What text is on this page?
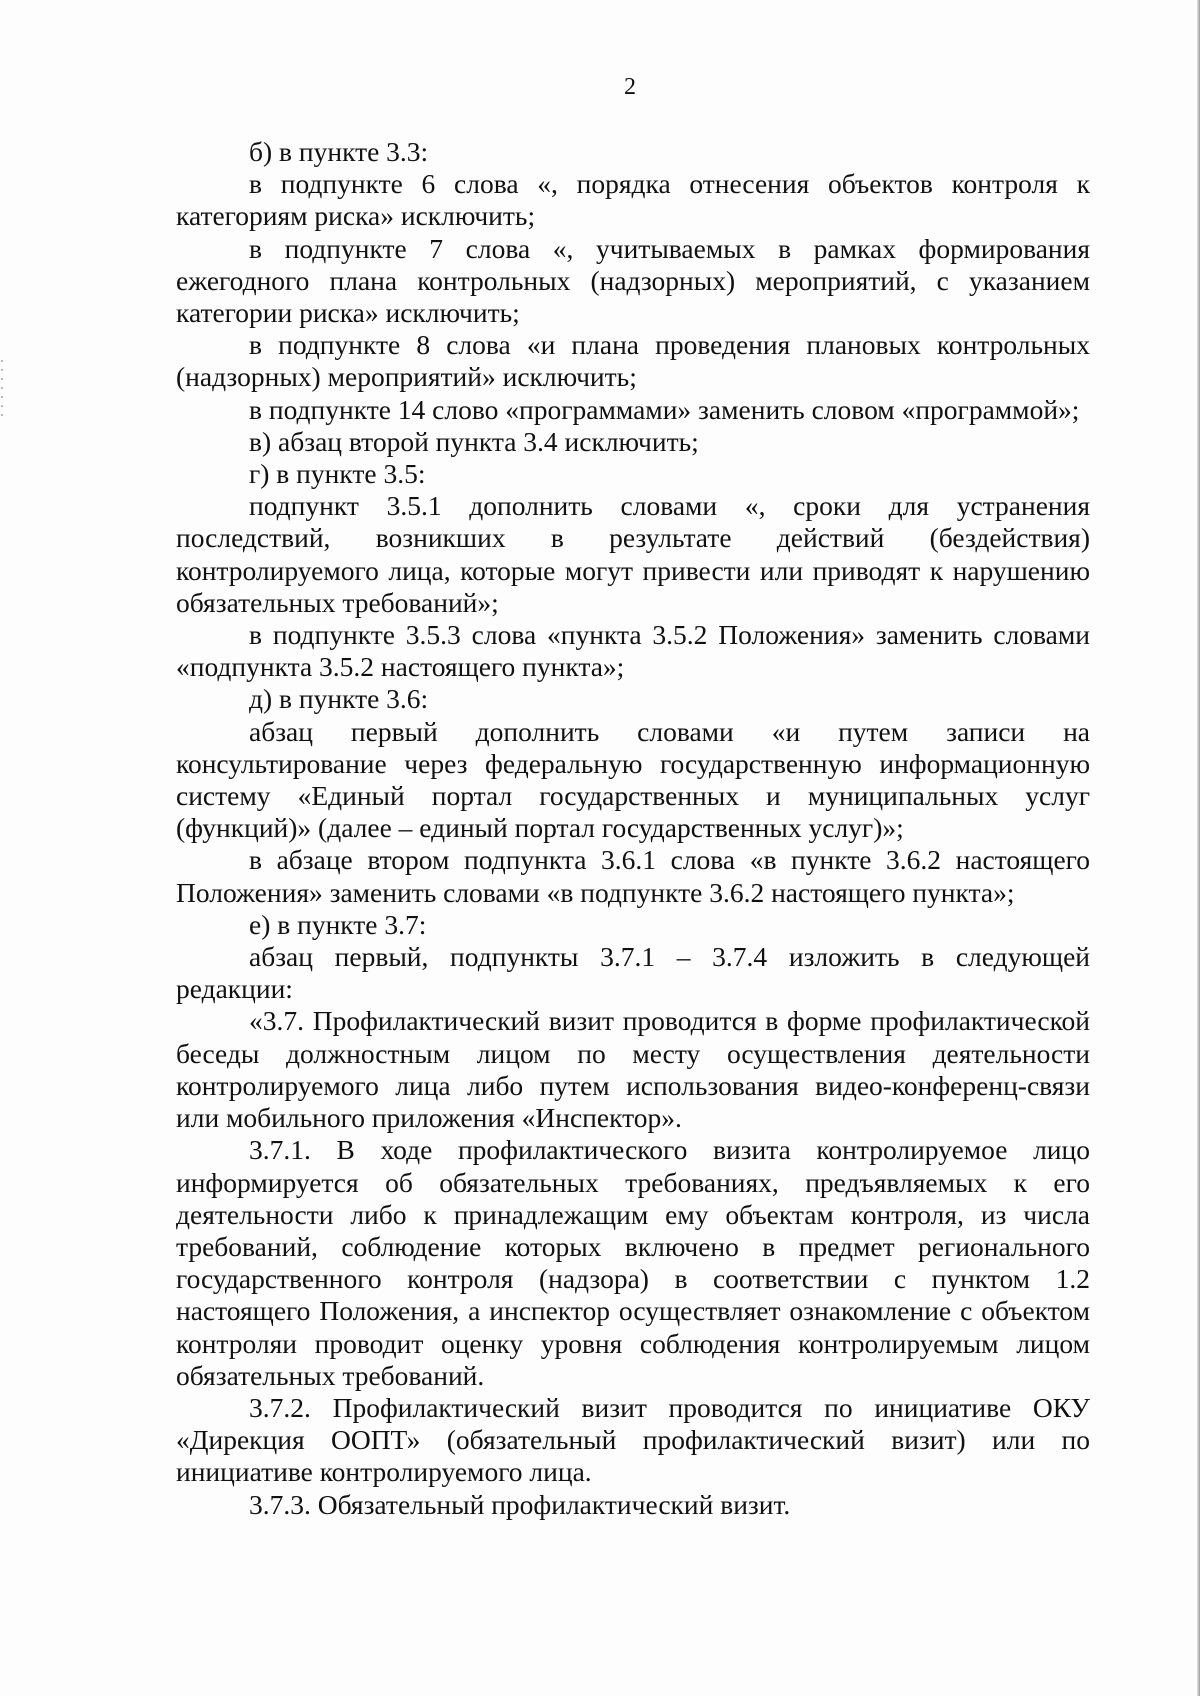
2

б) в пункте 3.3:

в подпункте 6 слова «, порядка отнесения объектов контроля к категориям риска» исключить;

в подпункте 7 слова «, учитываемых в рамках формирования ежегодного плана контрольных (надзорных) мероприятий, с указанием категории риска» исключить;

в подпункте 8 слова «и плана проведения плановых контрольных (надзорных) мероприятий» исключить;

в подпункте 14 слово «программами» заменить словом «программой»;

в) абзац второй пункта 3.4 исключить;

г) в пункте 3.5:

подпункт 3.5.1 дополнить словами «, сроки для устранения последствий, возникших в результате действий (бездействия) контролируемого лица, которые могут привести или приводят к нарушению обязательных требований»;

в подпункте 3.5.3 слова «пункта 3.5.2 Положения» заменить словами «подпункта 3.5.2 настоящего пункта»;

д) в пункте 3.6:

абзац первый дополнить словами «и путем записи на консультирование через федеральную государственную информационную систему «Единый портал государственных и муниципальных услуг (функций)» (далее – единый портал государственных услуг)»;

в абзаце втором подпункта 3.6.1 слова «в пункте 3.6.2 настоящего Положения» заменить словами «в подпункте 3.6.2 настоящего пункта»;

е) в пункте 3.7:

абзац первый, подпункты 3.7.1 – 3.7.4 изложить в следующей редакции:

«3.7. Профилактический визит проводится в форме профилактической беседы должностным лицом по месту осуществления деятельности контролируемого лица либо путем использования видео-конференц-связи или мобильного приложения «Инспектор».

3.7.1. В ходе профилактического визита контролируемое лицо информируется об обязательных требованиях, предъявляемых к его деятельности либо к принадлежащим ему объектам контроля, из числа требований, соблюдение которых включено в предмет регионального государственного контроля (надзора) в соответствии с пунктом 1.2 настоящего Положения, а инспектор осуществляет ознакомление с объектом контроляи проводит оценку уровня соблюдения контролируемым лицом обязательных требований.

3.7.2. Профилактический визит проводится по инициативе ОКУ «Дирекция ООПТ» (обязательный профилактический визит) или по инициативе контролируемого лица.

3.7.3. Обязательный профилактический визит.
